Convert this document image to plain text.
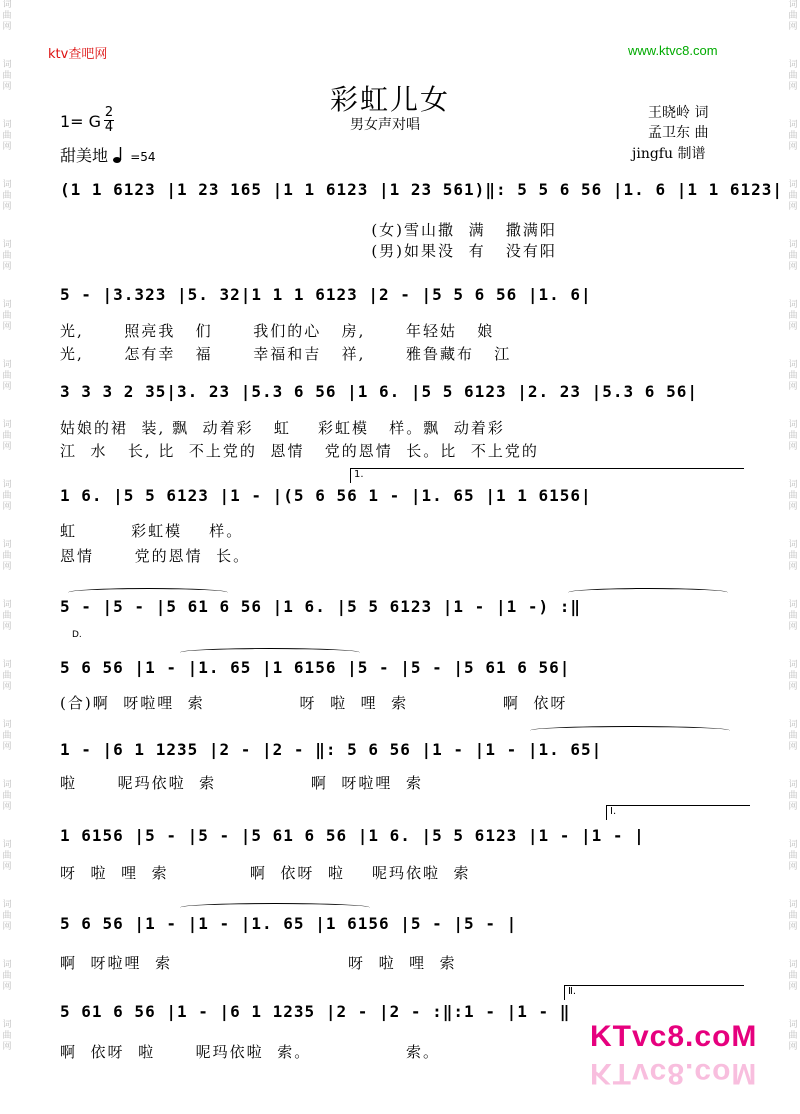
词曲网
词曲网
词曲网
词曲网
词曲网
词曲网
词曲网
词曲网
词曲网
词曲网
词曲网
词曲网
词曲网
词曲网
词曲网
词曲网
词曲网
词曲网
词曲网
词曲网
词曲网
词曲网
词曲网
词曲网
词曲网
词曲网
词曲网
词曲网
词曲网
词曲网
词曲网
词曲网
词曲网
词曲网
词曲网
词曲网
ktv查吧网	www.ktvc8.com
彩虹儿女
男女声对唱
王晓岭 词
孟卫东 曲
jingfu 制谱
1= G 2
4
甜美地 =54
(1 1 6123 |1 23 165 |1 1 6123 |1 23 561)‖: 5 5 6 56 |1. 6 |1 1 6123|
(女)雪山撒  满   撒满阳
(男)如果没  有   没有阳
5 - |3.323 |5. 32|1 1 1 6123 |2 - |5 5 6 56 |1. 6|
光,      照亮我   们      我们的心   房,      年轻姑   娘
光,      怎有幸   福      幸福和吉   祥,      雅鲁藏布   江
3 3 3 2 35|3. 23 |5.3 6 56 |1 6. |5 5 6123 |2. 23 |5.3 6 56|
姑娘的裙  装, 飘  动着彩   虹    彩虹模   样。飘  动着彩
江  水   长, 比  不上党的  恩情   党的恩情  长。比  不上党的
1.
1 6. |5 5 6123 |1 - |(5 6 56 1 - |1. 65 |1 1 6156|
虹        彩虹模    样。
恩情      党的恩情  长。
5 - |5 - |5 61 6 56 |1 6. |5 5 6123 |1 - |1 -) :‖
D.
5 6 56 |1 - |1. 65 |1 6156 |5 - |5 - |5 61 6 56|
(合)啊  呀啦哩  索              呀  啦  哩  索              啊  依呀
1 - |6 1 1235 |2 - |2 - ‖: 5 6 56 |1 - |1 - |1. 65|
啦      呢玛依啦  索              啊  呀啦哩  索
Ⅰ.
1 6156 |5 - |5 - |5 61 6 56 |1 6. |5 5 6123 |1 - |1 - |
呀  啦  哩  索            啊  依呀  啦    呢玛依啦  索
5 6 56 |1 - |1 - |1. 65 |1 6156 |5 - |5 - |
啊  呀啦哩  索                          呀  啦  哩  索
Ⅱ.
5 61 6 56 |1 - |6 1 1235 |2 - |2 - :‖:1 - |1 - ‖
啊  依呀  啦      呢玛依啦  索。              索。	KTvc8.coM
KTvc8.coM
